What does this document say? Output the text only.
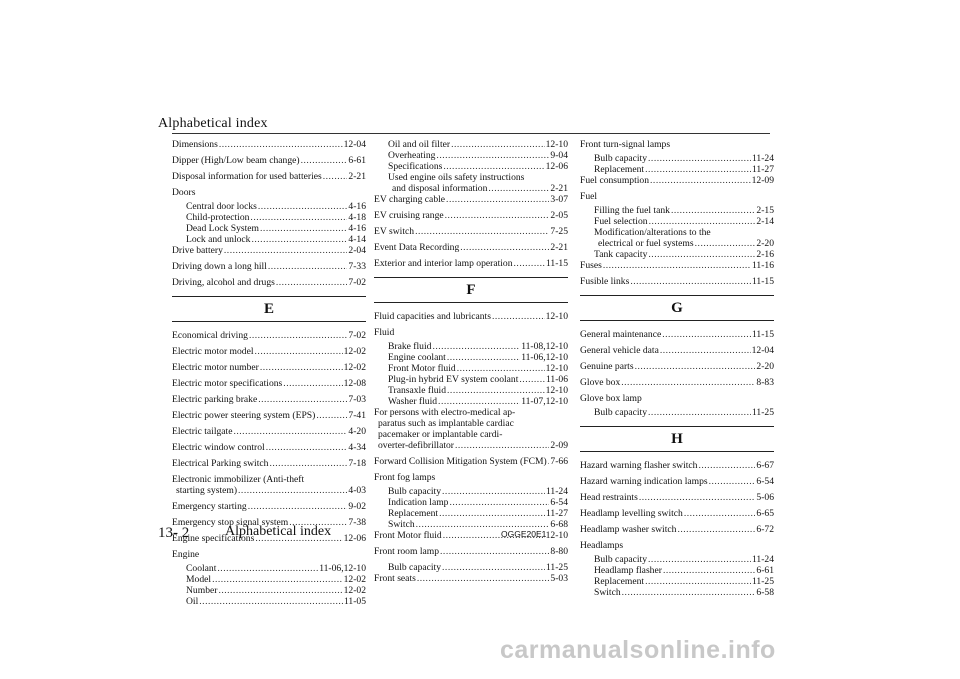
Alphabetical index
Dimensions .....	12-04
Dipper (High/Low beam change) .....	6-61
Disposal information for used batteries .....	2-21
Doors
Central door locks .....	4-16
Child-protection .....	4-18
Dead Lock System .....	4-16
Lock and unlock .....	4-14
Drive battery .....	2-04
Driving down a long hill .....	7-33
Driving, alcohol and drugs .....	7-02
E
Economical driving .....	7-02
Electric motor model .....	12-02
Electric motor number .....	12-02
Electric motor specifications .....	12-08
Electric parking brake .....	7-03
Electric power steering system (EPS) .....	7-41
Electric tailgate .....	4-20
Electric window control .....	4-34
Electrical Parking switch .....	7-18
Electronic immobilizer (Anti-theft
starting system) .....	4-03
Emergency starting .....	9-02
Emergency stop signal system .....	7-38
Engine specifications .....	12-06
Engine
Coolant .....	11-06,12-10
Model .....	12-02
Number .....	12-02
Oil .....	11-05
Oil and oil filter .....	12-10
Overheating .....	9-04
Specifications .....	12-06
Used engine oils safety instructions
and disposal information .....	2-21
EV charging cable .....	3-07
EV cruising range .....	2-05
EV switch .....	7-25
Event Data Recording .....	2-21
Exterior and interior lamp operation .....	11-15
F
Fluid capacities and lubricants .....	12-10
Fluid
Brake fluid .....	11-08,12-10
Engine coolant .....	11-06,12-10
Front Motor fluid .....	12-10
Plug-in hybrid EV system coolant .....	11-06
Transaxle fluid .....	12-10
Washer fluid .....	11-07,12-10
For persons with electro-medical ap-
paratus such as implantable cardiac
pacemaker or implantable cardi-
overter-defibrillator .....	2-09
Forward Collision Mitigation System (FCM) ..... 7-66
Front fog lamps
Bulb capacity .....	11-24
Indication lamp .....	6-54
Replacement .....	11-27
Switch .....	6-68
Front Motor fluid .....	12-10
Front room lamp .....	8-80
Bulb capacity .....	11-25
Front seats .....	5-03
Front turn-signal lamps
Bulb capacity .....	11-24
Replacement .....	11-27
Fuel consumption .....	12-09
Fuel
Filling the fuel tank .....	2-15
Fuel selection .....	2-14
Modification/alterations to the
electrical or fuel systems .....	2-20
Tank capacity .....	2-16
Fuses .....	11-16
Fusible links .....	11-15
G
General maintenance .....	11-15
General vehicle data .....	12-04
Genuine parts .....	2-20
Glove box .....	8-83
Glove box lamp
Bulb capacity .....	11-25
H
Hazard warning flasher switch .....	6-67
Hazard warning indication lamps .....	6-54
Head restraints .....	5-06
Headlamp levelling switch .....	6-65
Headlamp washer switch .....	6-72
Headlamps
Bulb capacity .....	11-24
Headlamp flasher .....	6-61
Replacement .....	11-25
Switch .....	6-58
13- 2	Alphabetical index	OGGE20E1
carmanualsonline.info
